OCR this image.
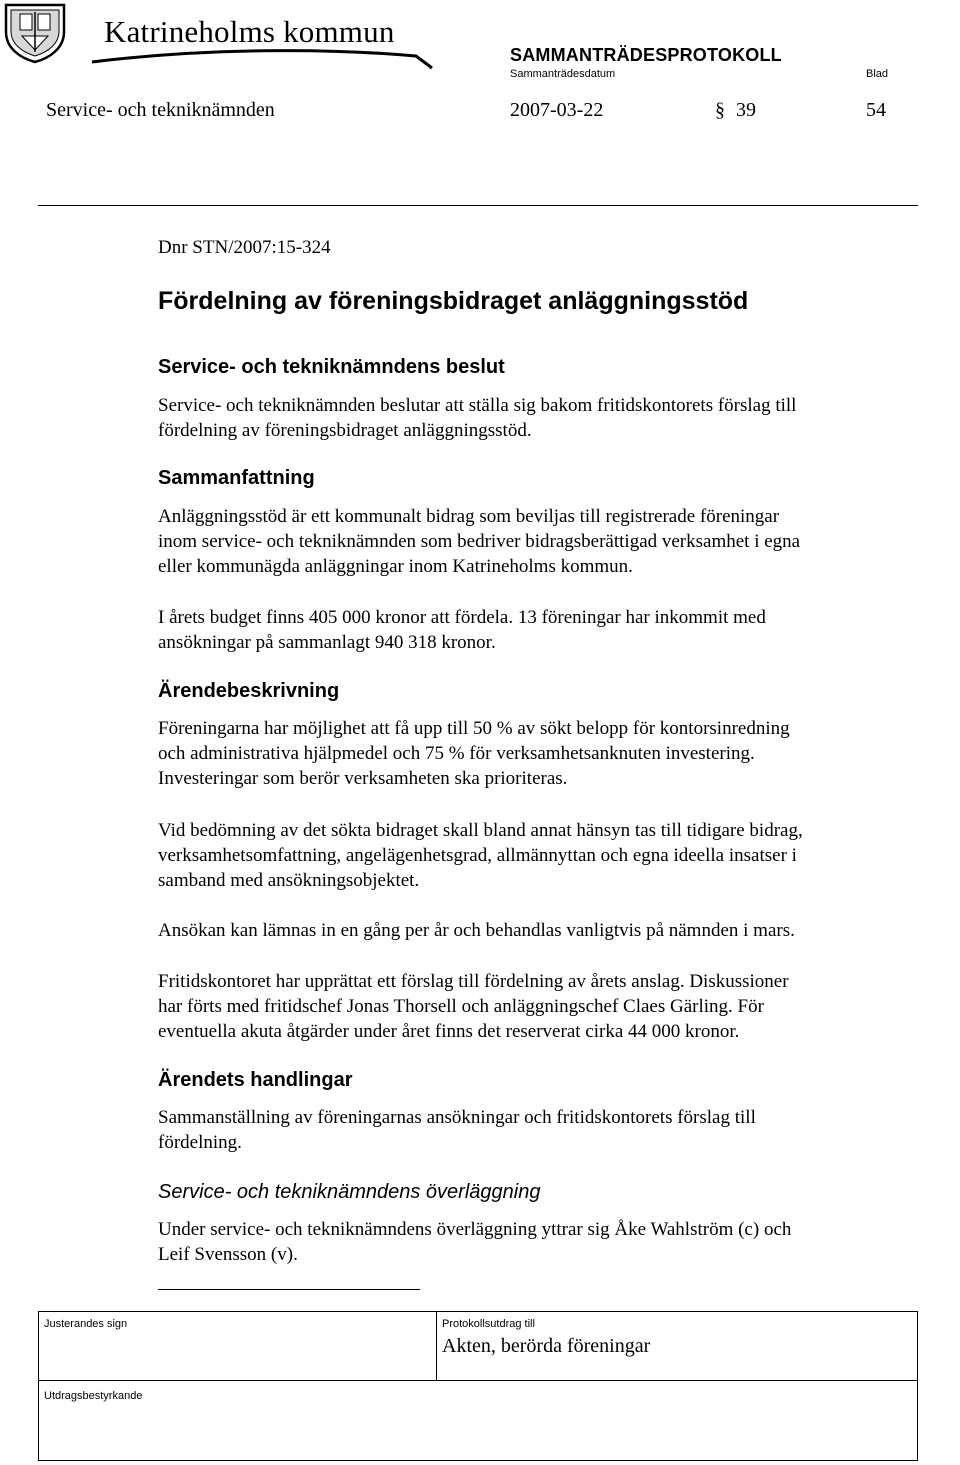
Katrineholms kommun
SAMMANTRÄDESPROTOKOLL
Sammanträdesdatum	Blad
Service- och tekniknämnden	2007-03-22	§ 39	54
Dnr STN/2007:15-324
Fördelning av föreningsbidraget anläggningsstöd
Service- och tekniknämndens beslut
Service- och tekniknämnden beslutar att ställa sig bakom fritidskontorets förslag till
fördelning av föreningsbidraget anläggningsstöd.
Sammanfattning
Anläggningsstöd är ett kommunalt bidrag som beviljas till registrerade föreningar
inom service- och tekniknämnden som bedriver bidragsberättigad verksamhet i egna
eller kommunägda anläggningar inom Katrineholms kommun.
I årets budget finns 405 000 kronor att fördela. 13 föreningar har inkommit med
ansökningar på sammanlagt 940 318 kronor.
Ärendebeskrivning
Föreningarna har möjlighet att få upp till 50 % av sökt belopp för kontorsinredning
och administrativa hjälpmedel och 75 % för verksamhetsanknuten investering.
Investeringar som berör verksamheten ska prioriteras.
Vid bedömning av det sökta bidraget skall bland annat hänsyn tas till tidigare bidrag,
verksamhetsomfattning, angelägenhetsgrad, allmännyttan och egna ideella insatser i
samband med ansökningsobjektet.
Ansökan kan lämnas in en gång per år och behandlas vanligtvis på nämnden i mars.
Fritidskontoret har upprättat ett förslag till fördelning av årets anslag. Diskussioner
har förts med fritidschef Jonas Thorsell och anläggningschef Claes Gärling. För
eventuella akuta åtgärder under året finns det reserverat cirka 44 000 kronor.
Ärendets handlingar
Sammanställning av föreningarnas ansökningar och fritidskontorets förslag till
fördelning.
Service- och tekniknämndens överläggning
Under service- och tekniknämndens överläggning yttrar sig Åke Wahlström (c) och
Leif Svensson (v).
Justerandes sign	Protokollsutdrag till
Akten, berörda föreningar
Utdragsbestyrkande
